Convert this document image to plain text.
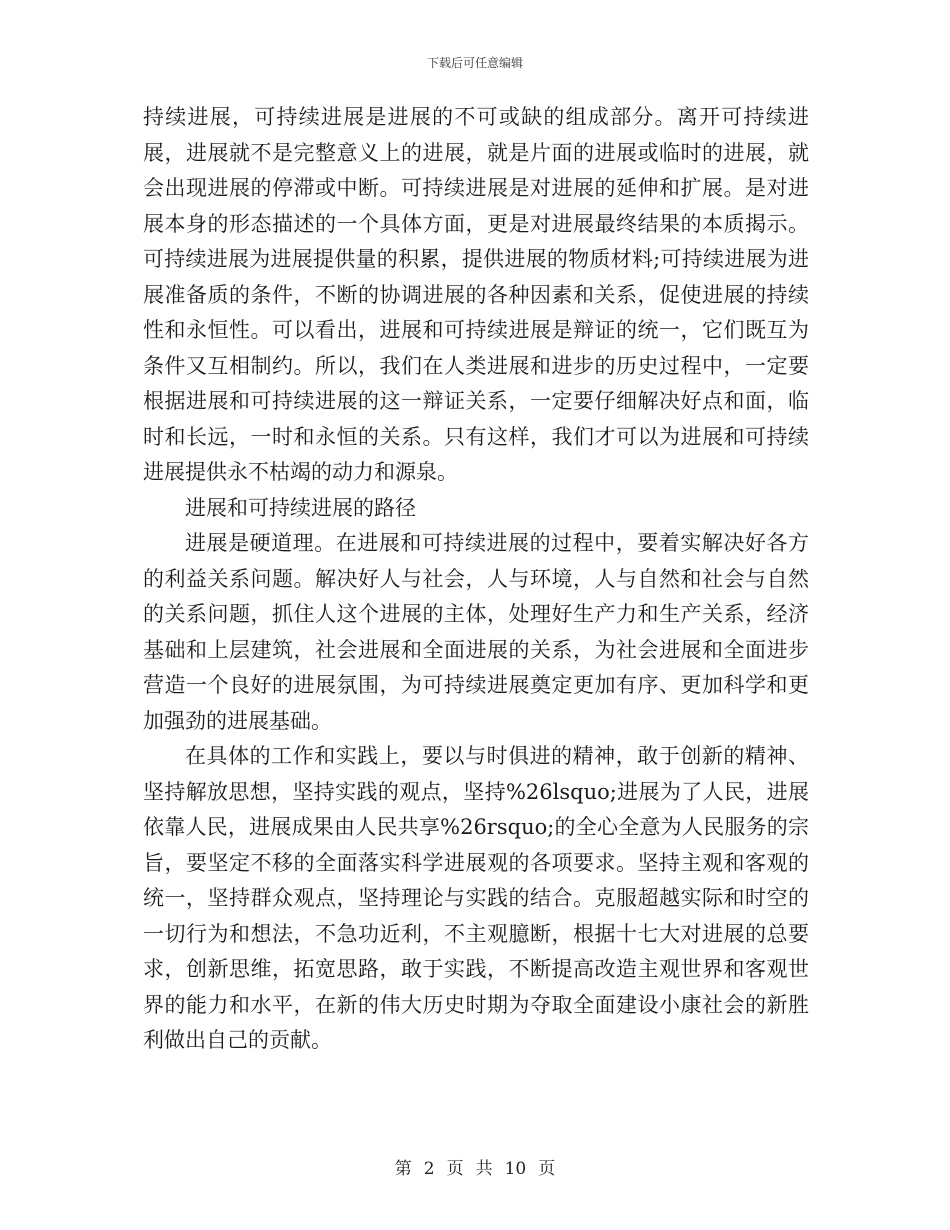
下载后可任意编辑

持续进展，可持续进展是进展的不可或缺的组成部分。离开可持续进展，进展就不是完整意义上的进展，就是片面的进展或临时的进展，就会出现进展的停滞或中断。可持续进展是对进展的延伸和扩展。是对进展本身的形态描述的一个具体方面，更是对进展最终结果的本质揭示。可持续进展为进展提供量的积累，提供进展的物质材料;可持续进展为进展准备质的条件，不断的协调进展的各种因素和关系，促使进展的持续性和永恒性。可以看出，进展和可持续进展是辩证的统一，它们既互为条件又互相制约。所以，我们在人类进展和进步的历史过程中，一定要根据进展和可持续进展的这一辩证关系，一定要仔细解决好点和面，临时和长远，一时和永恒的关系。只有这样，我们才可以为进展和可持续进展提供永不枯竭的动力和源泉。

进展和可持续进展的路径

进展是硬道理。在进展和可持续进展的过程中，要着实解决好各方的利益关系问题。解决好人与社会，人与环境，人与自然和社会与自然的关系问题，抓住人这个进展的主体，处理好生产力和生产关系，经济基础和上层建筑，社会进展和全面进展的关系，为社会进展和全面进步营造一个良好的进展氛围，为可持续进展奠定更加有序、更加科学和更加强劲的进展基础。

在具体的工作和实践上，要以与时俱进的精神，敢于创新的精神、坚持解放思想，坚持实践的观点，坚持%26lsquo;进展为了人民，进展依靠人民，进展成果由人民共享%26rsquo;的全心全意为人民服务的宗旨，要坚定不移的全面落实科学进展观的各项要求。坚持主观和客观的统一，坚持群众观点，坚持理论与实践的结合。克服超越实际和时空的一切行为和想法，不急功近利，不主观臆断，根据十七大对进展的总要求，创新思维，拓宽思路，敢于实践，不断提高改造主观世界和客观世界的能力和水平，在新的伟大历史时期为夺取全面建设小康社会的新胜利做出自己的贡献。

第 2 页 共 10 页
